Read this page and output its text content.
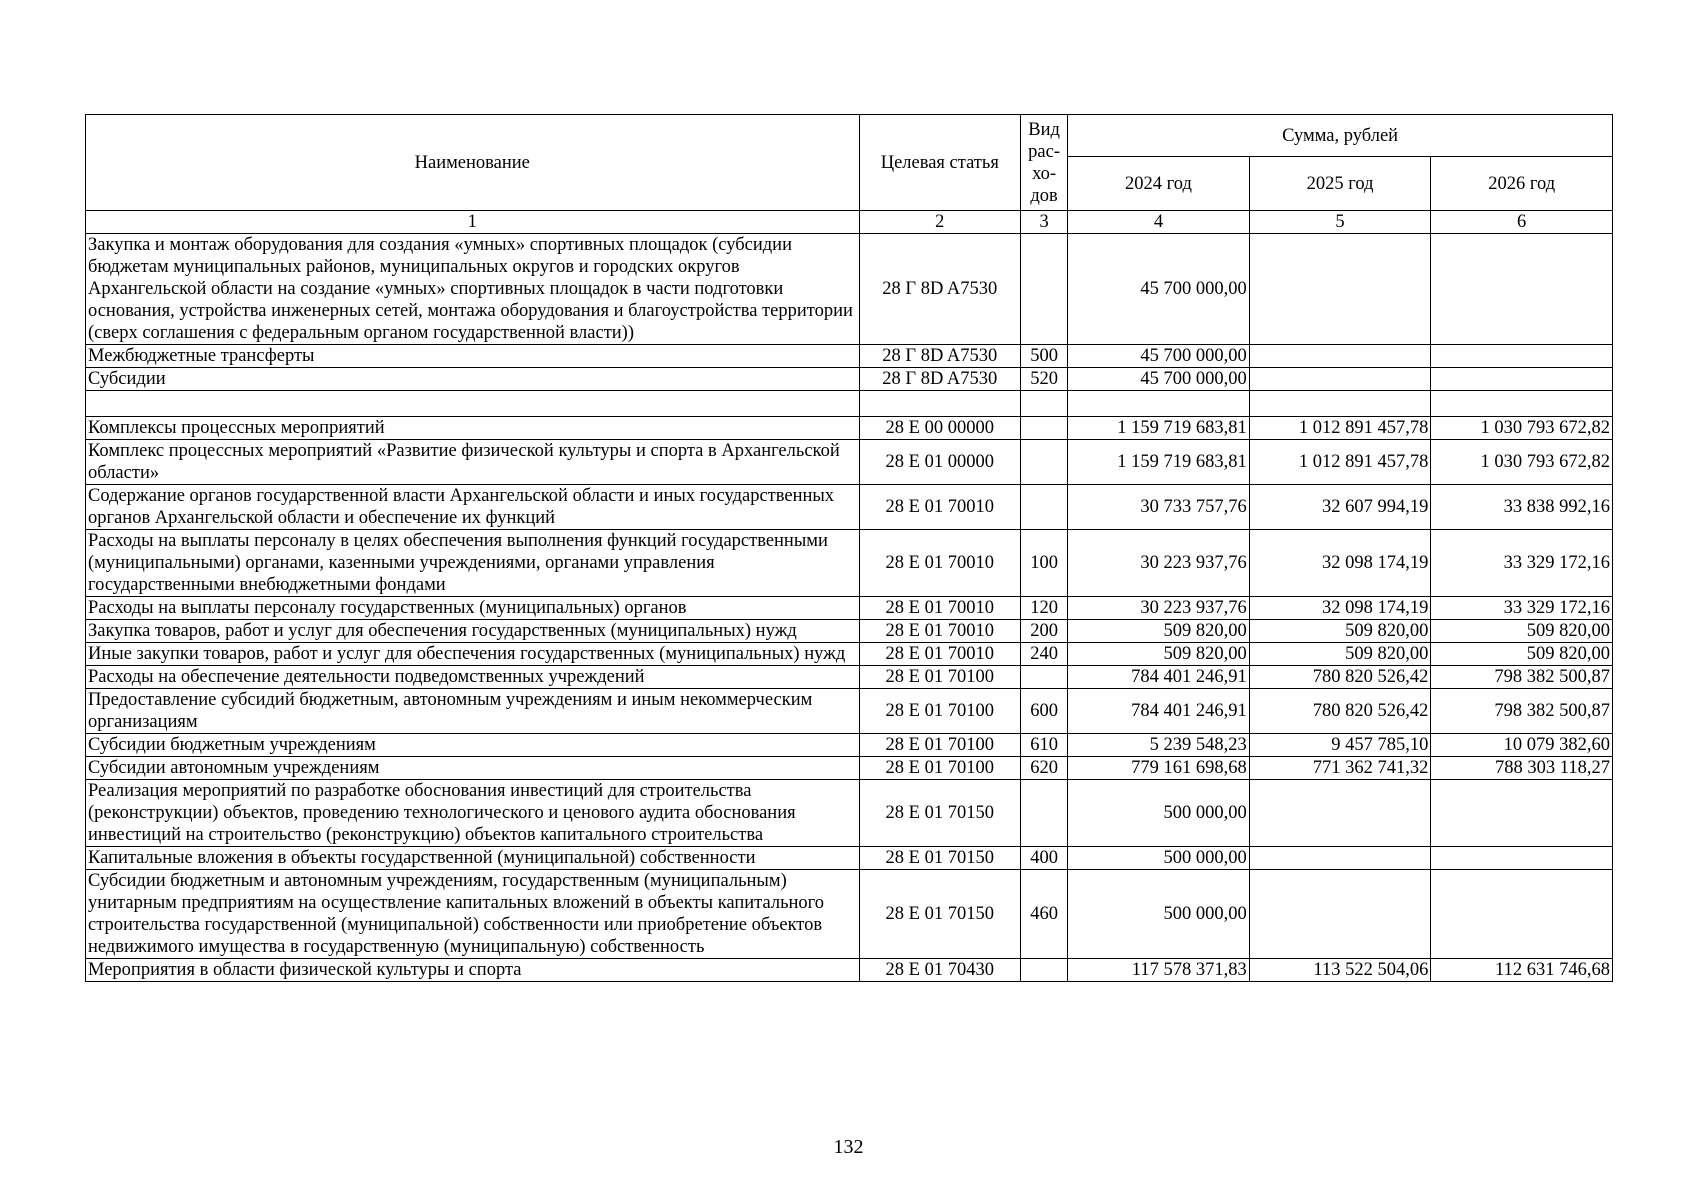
Наименование	Целевая статья	Вид
рас-
хо-
дов	Сумма, рублей		
			2024 год	2025 год	2026 год
1	2	3	4	5	6
Закупка и монтаж оборудования для создания «умных» спортивных площадок (субсидии бюджетам муниципальных районов, муниципальных округов и городских округов Архангельской области на создание «умных» спортивных площадок в части подготовки основания, устройства инженерных сетей, монтажа оборудования и благоустройства территории (сверх соглашения с федеральным органом государственной власти))	28 Г 8D A7530		45 700 000,00		
Межбюджетные трансферты	28 Г 8D A7530	500	45 700 000,00		
Субсидии	28 Г 8D A7530	520	45 700 000,00		

Комплексы процессных мероприятий	28 Е 00 00000		1 159 719 683,81	1 012 891 457,78	1 030 793 672,82
Комплекс процессных мероприятий «Развитие физической культуры и спорта в Архангельской области»	28 Е 01 00000		1 159 719 683,81	1 012 891 457,78	1 030 793 672,82
Содержание органов государственной власти Архангельской области и иных государственных органов Архангельской области и обеспечение их функций	28 Е 01 70010		30 733 757,76	32 607 994,19	33 838 992,16
Расходы на выплаты персоналу в целях обеспечения выполнения функций государственными (муниципальными) органами, казенными учреждениями, органами управления государственными внебюджетными фондами	28 Е 01 70010	100	30 223 937,76	32 098 174,19	33 329 172,16
Расходы на выплаты персоналу государственных (муниципальных) органов	28 Е 01 70010	120	30 223 937,76	32 098 174,19	33 329 172,16
Закупка товаров, работ и услуг для обеспечения государственных (муниципальных) нужд	28 Е 01 70010	200	509 820,00	509 820,00	509 820,00
Иные закупки товаров, работ и услуг для обеспечения государственных (муниципальных) нужд	28 Е 01 70010	240	509 820,00	509 820,00	509 820,00
Расходы на обеспечение деятельности подведомственных учреждений	28 Е 01 70100		784 401 246,91	780 820 526,42	798 382 500,87
Предоставление субсидий бюджетным, автономным учреждениям и иным некоммерческим организациям	28 Е 01 70100	600	784 401 246,91	780 820 526,42	798 382 500,87
Субсидии бюджетным учреждениям	28 Е 01 70100	610	5 239 548,23	9 457 785,10	10 079 382,60
Субсидии автономным учреждениям	28 Е 01 70100	620	779 161 698,68	771 362 741,32	788 303 118,27
Реализация мероприятий по разработке обоснования инвестиций для строительства (реконструкции) объектов, проведению технологического и ценового аудита обоснования инвестиций на строительство (реконструкцию) объектов капитального строительства	28 Е 01 70150		500 000,00		
Капитальные вложения в объекты государственной (муниципальной) собственности	28 Е 01 70150	400	500 000,00		
Субсидии бюджетным и автономным учреждениям, государственным (муниципальным) унитарным предприятиям на осуществление капитальных вложений в объекты капитального строительства государственной (муниципальной) собственности или приобретение объектов недвижимого имущества в государственную (муниципальную) собственность	28 Е 01 70150	460	500 000,00		
Мероприятия в области физической культуры и спорта	28 Е 01 70430		117 578 371,83	113 522 504,06	112 631 746,68
132
